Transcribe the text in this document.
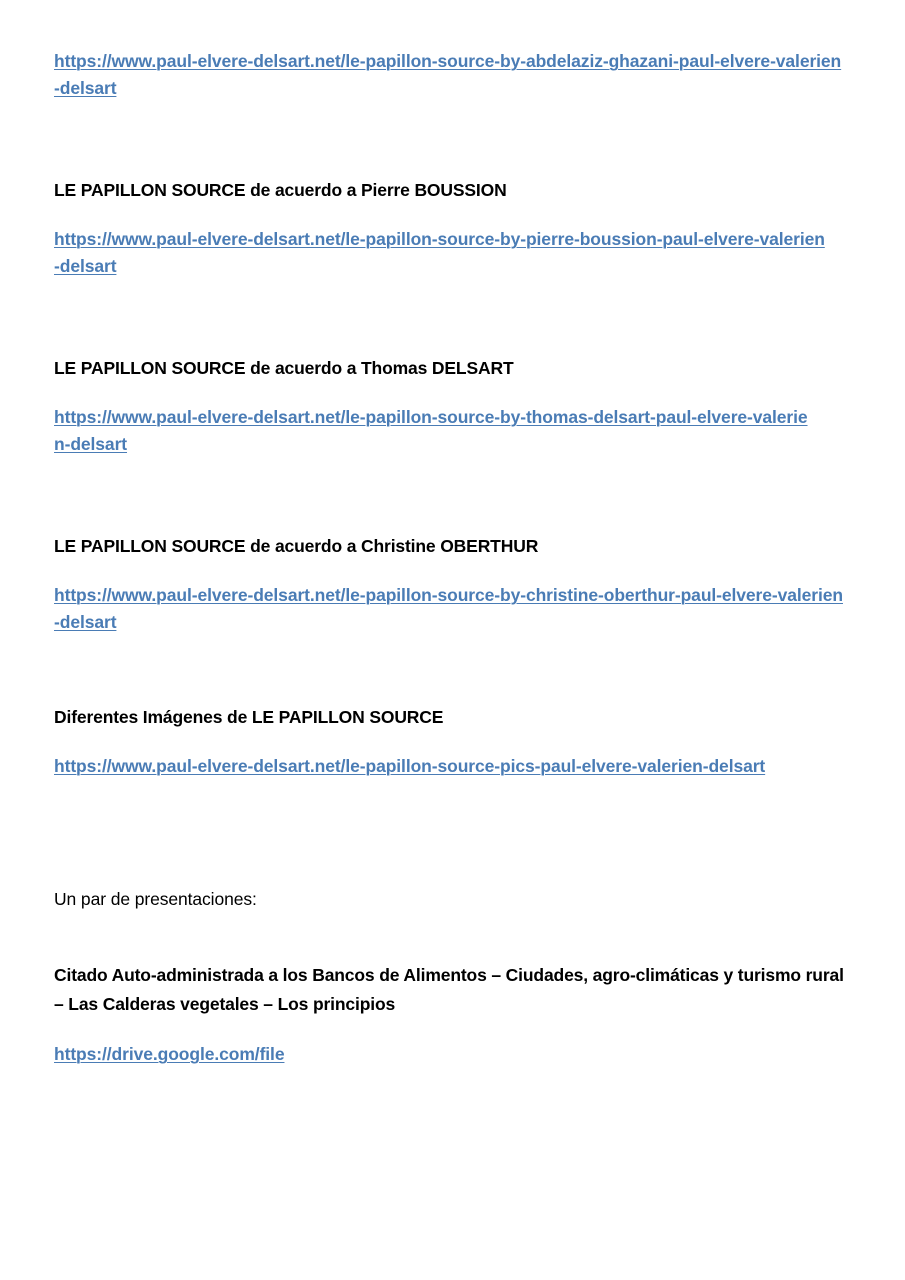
https://www.paul-elvere-delsart.net/le-papillon-source-by-abdelaziz-ghazani-paul-elvere-valerien-delsart

LE PAPILLON SOURCE de acuerdo a Pierre BOUSSION

https://www.paul-elvere-delsart.net/le-papillon-source-by-pierre-boussion-paul-elvere-valerien-delsart

LE PAPILLON SOURCE de acuerdo a Thomas DELSART

https://www.paul-elvere-delsart.net/le-papillon-source-by-thomas-delsart-paul-elvere-valerien-delsart

LE PAPILLON SOURCE de acuerdo a Christine OBERTHUR

https://www.paul-elvere-delsart.net/le-papillon-source-by-christine-oberthur-paul-elvere-valerien-delsart

Diferentes Imágenes de LE PAPILLON SOURCE

https://www.paul-elvere-delsart.net/le-papillon-source-pics-paul-elvere-valerien-delsart

Un par de presentaciones:

Citado Auto-administrada a los Bancos de Alimentos – Ciudades, agro-climáticas y turismo rural – Las Calderas vegetales – Los principios

https://drive.google.com/file
